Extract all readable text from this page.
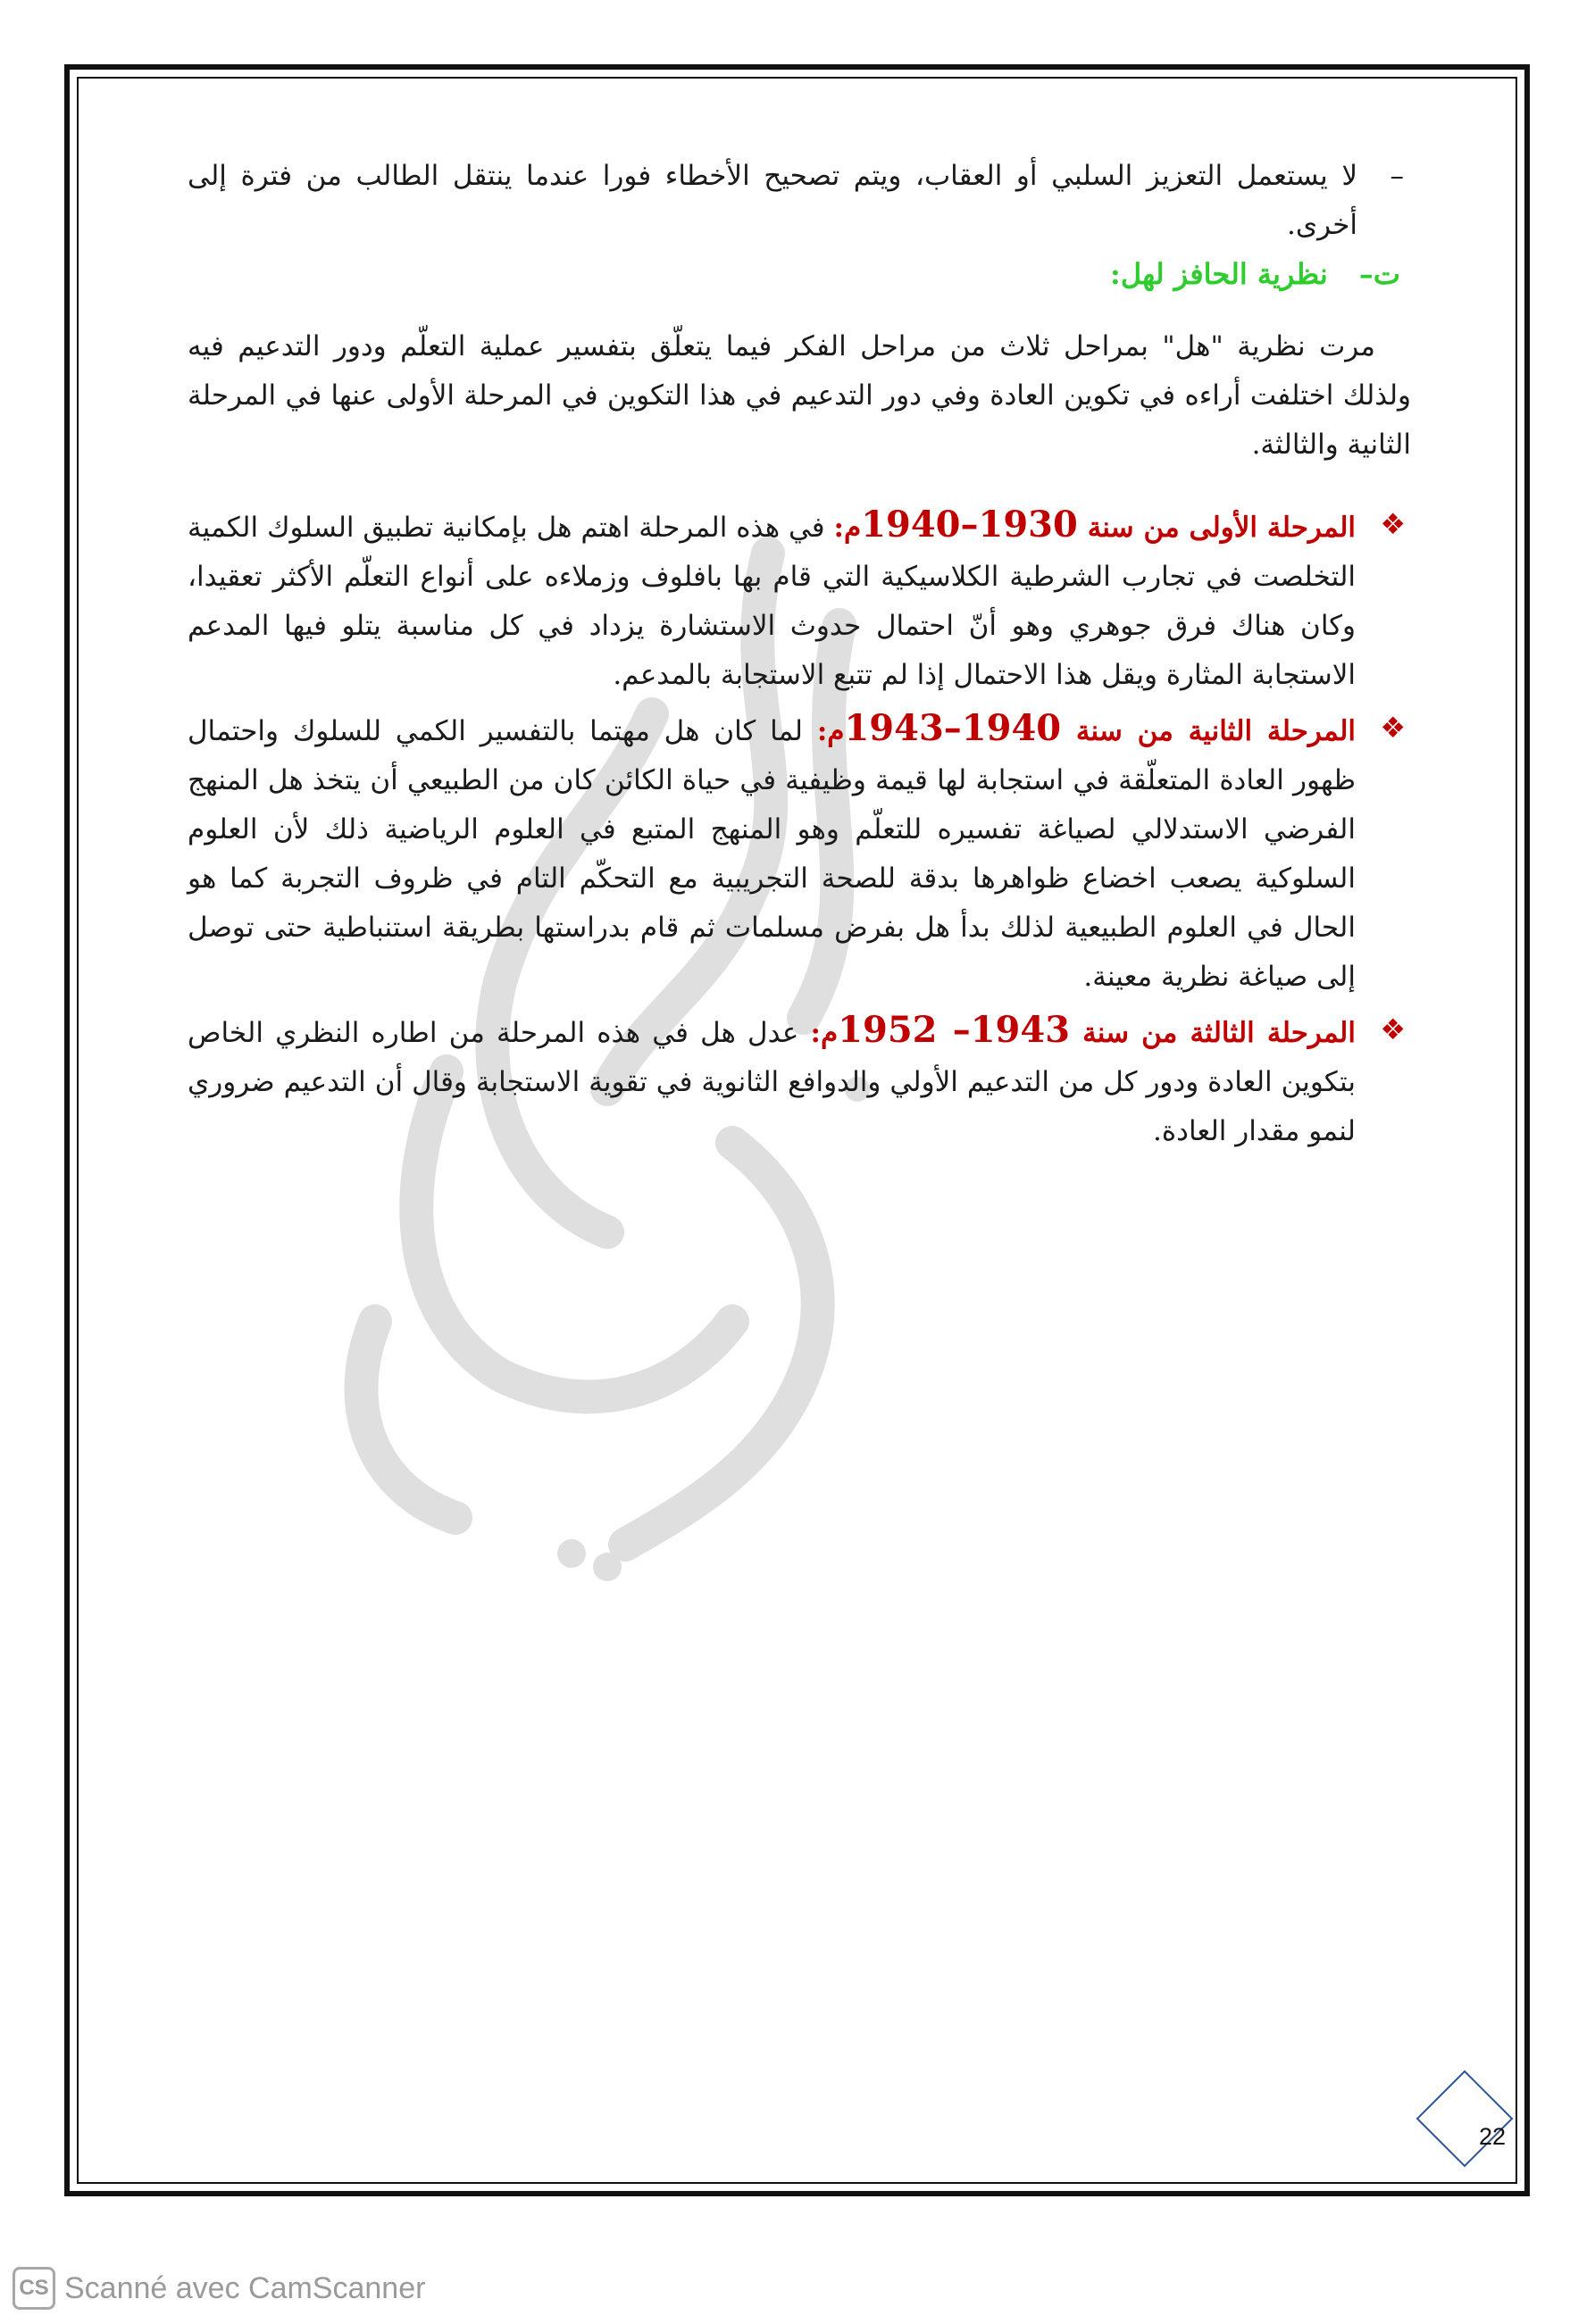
–
لا يستعمل التعزيز السلبي أو العقاب، ويتم تصحيح الأخطاء فورا عندما ينتقل الطالب من فترة إلى أخرى.
ت– نظرية الحافز لهل:
مرت نظرية "هل" بمراحل ثلاث من مراحل الفكر فيما يتعلّق بتفسير عملية التعلّم ودور التدعيم فيه ولذلك اختلفت أراءه في تكوين العادة وفي دور التدعيم في هذا التكوين في المرحلة الأولى عنها في المرحلة الثانية والثالثة.
❖
المرحلة الأولى من سنة 1930–1940م: في هذه المرحلة اهتم هل بإمكانية تطبيق السلوك الكمية التخلصت في تجارب الشرطية الكلاسيكية التي قام بها بافلوف وزملاءه على أنواع التعلّم الأكثر تعقيدا، وكان هناك فرق جوهري وهو أنّ احتمال حدوث الاستشارة يزداد في كل مناسبة يتلو فيها المدعم الاستجابة المثارة ويقل هذا الاحتمال إذا لم تتبع الاستجابة بالمدعم.
❖
المرحلة الثانية من سنة 1940–1943م: لما كان هل مهتما بالتفسير الكمي للسلوك واحتمال ظهور العادة المتعلّقة في استجابة لها قيمة وظيفية في حياة الكائن كان من الطبيعي أن يتخذ هل المنهج الفرضي الاستدلالي لصياغة تفسيره للتعلّم وهو المنهج المتبع في العلوم الرياضية ذلك لأن العلوم السلوكية يصعب اخضاع ظواهرها بدقة للصحة التجريبية مع التحكّم التام في ظروف التجربة كما هو الحال في العلوم الطبيعية لذلك بدأ هل بفرض مسلمات ثم قام بدراستها بطريقة استنباطية حتى توصل إلى صياغة نظرية معينة.
❖
المرحلة الثالثة من سنة 1943– 1952م: عدل هل في هذه المرحلة من اطاره النظري الخاص بتكوين العادة ودور كل من التدعيم الأولي والدوافع الثانوية في تقوية الاستجابة وقال أن التدعيم ضروري لنمو مقدار العادة.
22
CS Scanné avec CamScanner
